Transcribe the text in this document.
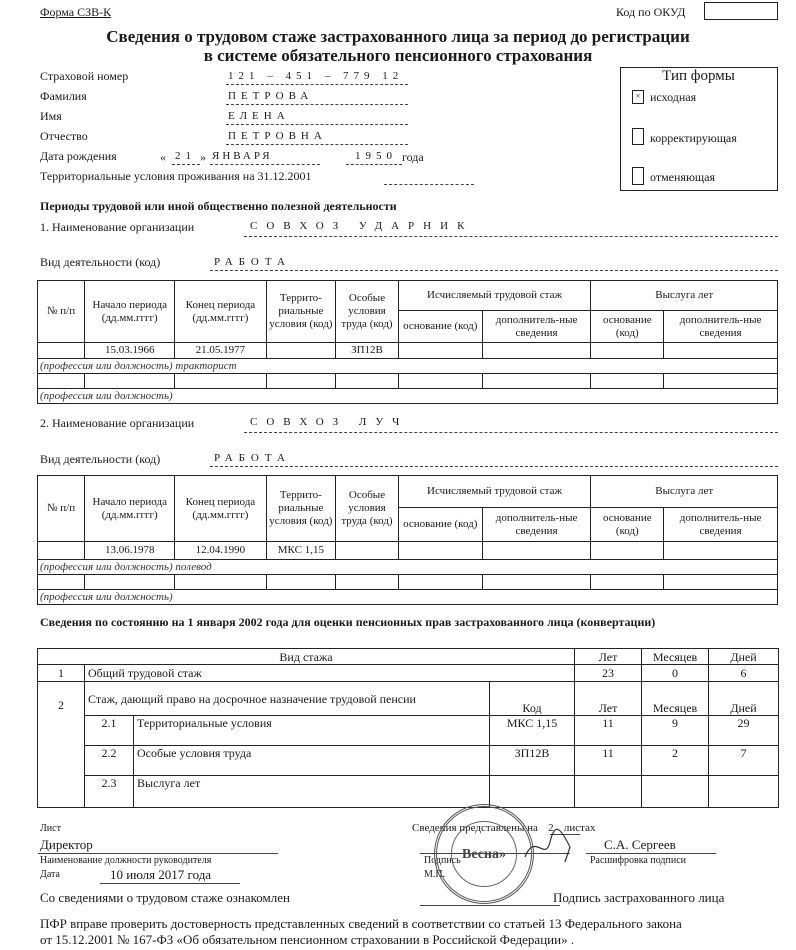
Форма СЗВ-К	Код по ОКУД
Сведения о трудовом стаже застрахованного лица за период до регистрации
в системе обязательного пенсионного страхования
Тип формы
× исходная
корректирующая
отменяющая
Страховой номер	121 – 451 – 779 12
Фамилия	ПЕТРОВА
Имя	ЕЛЕНА
Отчество	ПЕТРОВНА
Дата рождения	« 21 » ЯНВАРЯ	1950 года
Территориальные условия проживания на 31.12.2001
Периоды трудовой или иной общественно полезной деятельности
1. Наименование организации	СОВХОЗ УДАРНИК
Вид деятельности (код)	РАБОТА
№ п/п	Начало периода (дд.мм.гггг)	Конец периода (дд.мм.гггг)	Террито-риальные условия (код)	Особые условия труда (код)	Исчисляемый трудовой стаж		Выслуга лет	
					основание (код)	дополнитель-ные сведения	основание (код)	дополнитель-ные сведения
	15.03.1966	21.05.1977		ЗП12В				
(профессия или должность) тракторист								

(профессия или должность)								
2. Наименование организации	СОВХОЗ ЛУЧ
Вид деятельности (код)	РАБОТА
№ п/п	Начало периода (дд.мм.гггг)	Конец периода (дд.мм.гггг)	Террито-риальные условия (код)	Особые условия труда (код)	Исчисляемый трудовой стаж		Выслуга лет	
					основание (код)	дополнитель-ные сведения	основание (код)	дополнитель-ные сведения
	13.06.1978	12.04.1990	МКС 1,15					
(профессия или должность) полевод								

(профессия или должность)								
Сведения по состоянию на 1 января 2002 года для оценки пенсионных прав застрахованного лица (конвертации)
Вид стажа				Лет	Месяцев	Дней
1	Общий трудовой стаж			23	0	6
2	Стаж, дающий право на досрочное назначение трудовой пенсии		Код	Лет	Месяцев	Дней
	2.1	Территориальные условия	МКС 1,15	11	9	29
	2.2	Особые условия труда	ЗП12В	11	2	7
	2.3	Выслуга лет				
Лист	Сведения представлены на 2 листах
Директор	С.А. Сергеев
Наименование должности руководителя	Подпись	Расшифровка подписи
Дата	10 июля 2017 года	М.П.
Со сведениями о трудовом стаже ознакомлен	Подпись застрахованного лица
ПФР вправе проверить достоверность представленных сведений в соответствии со статьей 13 Федерального закона
от 15.12.2001 № 167-ФЗ «Об обязательном пенсионном страховании в Российской Федерации» .
Весна»
